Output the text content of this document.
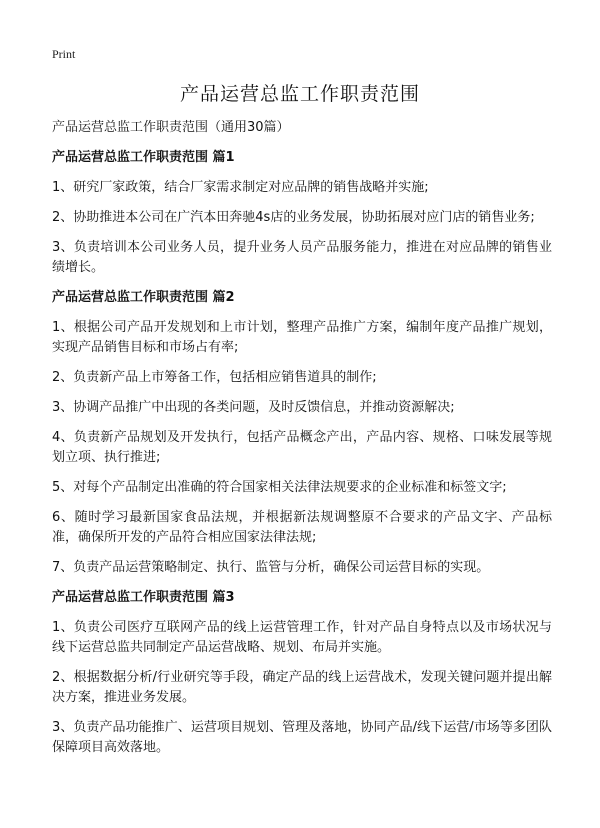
Print
产品运营总监工作职责范围

产品运营总监工作职责范围（通用30篇）

产品运营总监工作职责范围 篇1

1、研究厂家政策，结合厂家需求制定对应品牌的销售战略并实施;

2、协助推进本公司在广汽本田奔驰4s店的业务发展，协助拓展对应门店的销售业务;

3、负责培训本公司业务人员，提升业务人员产品服务能力，推进在对应品牌的销售业绩增长。

产品运营总监工作职责范围 篇2

1、根据公司产品开发规划和上市计划，整理产品推广方案，编制年度产品推广规划，实现产品销售目标和市场占有率;

2、负责新产品上市筹备工作，包括相应销售道具的制作;

3、协调产品推广中出现的各类问题，及时反馈信息，并推动资源解决;

4、负责新产品规划及开发执行，包括产品概念产出，产品内容、规格、口味发展等规划立项、执行推进;

5、对每个产品制定出准确的符合国家相关法律法规要求的企业标准和标签文字;

6、随时学习最新国家食品法规，并根据新法规调整原不合要求的产品文字、产品标准，确保所开发的产品符合相应国家法律法规;

7、负责产品运营策略制定、执行、监管与分析，确保公司运营目标的实现。

产品运营总监工作职责范围 篇3

1、负责公司医疗互联网产品的线上运营管理工作，针对产品自身特点以及市场状况与线下运营总监共同制定产品运营战略、规划、布局并实施。

2、根据数据分析/行业研究等手段，确定产品的线上运营战术，发现关键问题并提出解决方案，推进业务发展。

3、负责产品功能推广、运营项目规划、管理及落地，协同产品/线下运营/市场等多团队保障项目高效落地。
